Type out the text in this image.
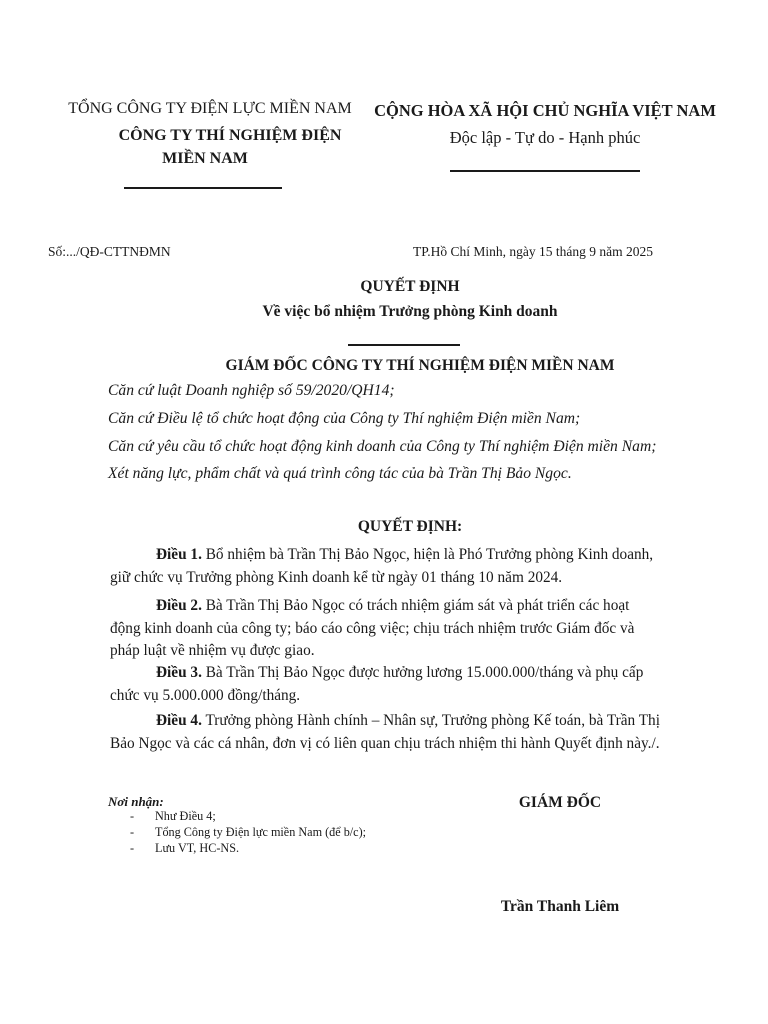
TỔNG CÔNG TY ĐIỆN LỰC MIỀN NAM
CÔNG TY THÍ NGHIỆM ĐIỆN
MIỀN NAM
CỘNG HÒA XÃ HỘI CHỦ NGHĨA VIỆT NAM
Độc lập - Tự do - Hạnh phúc
Số:.../QĐ-CTTNĐMN	TP.Hồ Chí Minh, ngày 15 tháng 9 năm 2025
QUYẾT ĐỊNH
Về việc bổ nhiệm Trưởng phòng Kinh doanh
GIÁM ĐỐC CÔNG TY THÍ NGHIỆM ĐIỆN MIỀN NAM
Căn cứ luật Doanh nghiệp số 59/2020/QH14;
Căn cứ Điều lệ tổ chức hoạt động của Công ty Thí nghiệm Điện miền Nam;
Căn cứ yêu cầu tổ chức hoạt động kinh doanh của Công ty Thí nghiệm Điện miền Nam;
Xét năng lực, phẩm chất và quá trình công tác của bà Trần Thị Bảo Ngọc.
QUYẾT ĐỊNH:
Điều 1. Bổ nhiệm bà Trần Thị Bảo Ngọc, hiện là Phó Trưởng phòng Kinh doanh,
giữ chức vụ Trưởng phòng Kinh doanh kể từ ngày 01 tháng 10 năm 2024.
Điều 2. Bà Trần Thị Bảo Ngọc có trách nhiệm giám sát và phát triển các hoạt
động kinh doanh của công ty; báo cáo công việc; chịu trách nhiệm trước Giám đốc và
pháp luật về nhiệm vụ được giao.
Điều 3. Bà Trần Thị Bảo Ngọc được hưởng lương 15.000.000/tháng và phụ cấp
chức vụ 5.000.000 đồng/tháng.
Điều 4. Trưởng phòng Hành chính – Nhân sự, Trưởng phòng Kế toán, bà Trần Thị
Bảo Ngọc và các cá nhân, đơn vị có liên quan chịu trách nhiệm thi hành Quyết định này./.
Nơi nhận:
- Như Điều 4;
- Tổng Công ty Điện lực miền Nam (để b/c);
- Lưu VT, HC-NS.
GIÁM ĐỐC
Trần Thanh Liêm
